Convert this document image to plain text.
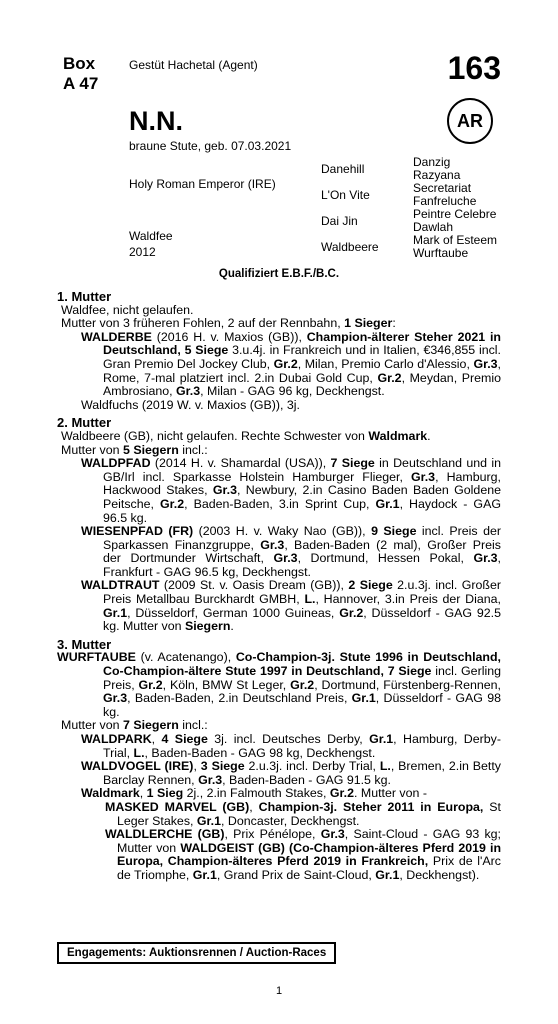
Box
A 47
Gestüt Hachetal (Agent)	163
N.N.	AR
braune Stute, geb. 07.03.2021
Holy Roman Emperor (IRE)
Waldfee
2012
Danehill
L'On Vite
Dai Jin
Waldbeere
Danzig
Razyana
Secretariat
Fanfreluche
Peintre Celebre
Dawlah
Mark of Esteem
Wurftaube
Qualifiziert E.B.F./B.C.

1. Mutter

Waldfee, nicht gelaufen.

Mutter von 3 früheren Fohlen, 2 auf der Rennbahn, 1 Sieger:

WALDERBE (2016 H. v. Maxios (GB)), Champion-älterer Steher 2021 in Deutschland, 5 Siege 3.u.4j. in Frankreich und in Italien, €346,855 incl. Gran Premio Del Jockey Club, Gr.2, Milan, Premio Carlo d'Alessio, Gr.3, Rome, 7-mal platziert incl. 2.in Dubai Gold Cup, Gr.2, Meydan, Premio Ambrosiano, Gr.3, Milan - GAG 96 kg, Deckhengst.

Waldfuchs (2019 W. v. Maxios (GB)), 3j.

2. Mutter

Waldbeere (GB), nicht gelaufen. Rechte Schwester von Waldmark.

Mutter von 5 Siegern incl.:

WALDPFAD (2014 H. v. Shamardal (USA)), 7 Siege in Deutschland und in GB/Irl incl. Sparkasse Holstein Hamburger Flieger, Gr.3, Hamburg, Hackwood Stakes, Gr.3, Newbury, 2.in Casino Baden Baden Goldene Peitsche, Gr.2, Baden-Baden, 3.in Sprint Cup, Gr.1, Haydock - GAG 96.5 kg.

WIESENPFAD (FR) (2003 H. v. Waky Nao (GB)), 9 Siege incl. Preis der Sparkassen Finanzgruppe, Gr.3, Baden-Baden (2 mal), Großer Preis der Dortmunder Wirtschaft, Gr.3, Dortmund, Hessen Pokal, Gr.3, Frankfurt - GAG 96.5 kg, Deckhengst.

WALDTRAUT (2009 St. v. Oasis Dream (GB)), 2 Siege 2.u.3j. incl. Großer Preis Metallbau Burckhardt GMBH, L., Hannover, 3.in Preis der Diana, Gr.1, Düsseldorf, German 1000 Guineas, Gr.2, Düsseldorf - GAG 92.5 kg. Mutter von Siegern.

3. Mutter

WURFTAUBE (v. Acatenango), Co-Champion-3j. Stute 1996 in Deutschland, Co-Champion-ältere Stute 1997 in Deutschland, 7 Siege incl. Gerling Preis, Gr.2, Köln, BMW St Leger, Gr.2, Dortmund, Fürstenberg-Rennen, Gr.3, Baden-Baden, 2.in Deutschland Preis, Gr.1, Düsseldorf - GAG 98 kg.

Mutter von 7 Siegern incl.:

WALDPARK, 4 Siege 3j. incl. Deutsches Derby, Gr.1, Hamburg, Derby-Trial, L., Baden-Baden - GAG 98 kg, Deckhengst.

WALDVOGEL (IRE), 3 Siege 2.u.3j. incl. Derby Trial, L., Bremen, 2.in Betty Barclay Rennen, Gr.3, Baden-Baden - GAG 91.5 kg.

Waldmark, 1 Sieg 2j., 2.in Falmouth Stakes, Gr.2. Mutter von -

MASKED MARVEL (GB), Champion-3j. Steher 2011 in Europa, St Leger Stakes, Gr.1, Doncaster, Deckhengst.

WALDLERCHE (GB), Prix Pénélope, Gr.3, Saint-Cloud - GAG 93 kg; Mutter von WALDGEIST (GB) (Co-Champion-älteres Pferd 2019 in Europa, Champion-älteres Pferd 2019 in Frankreich, Prix de l'Arc de Triomphe, Gr.1, Grand Prix de Saint-Cloud, Gr.1, Deckhengst).

Engagements: Auktionsrennen / Auction-Races
1
